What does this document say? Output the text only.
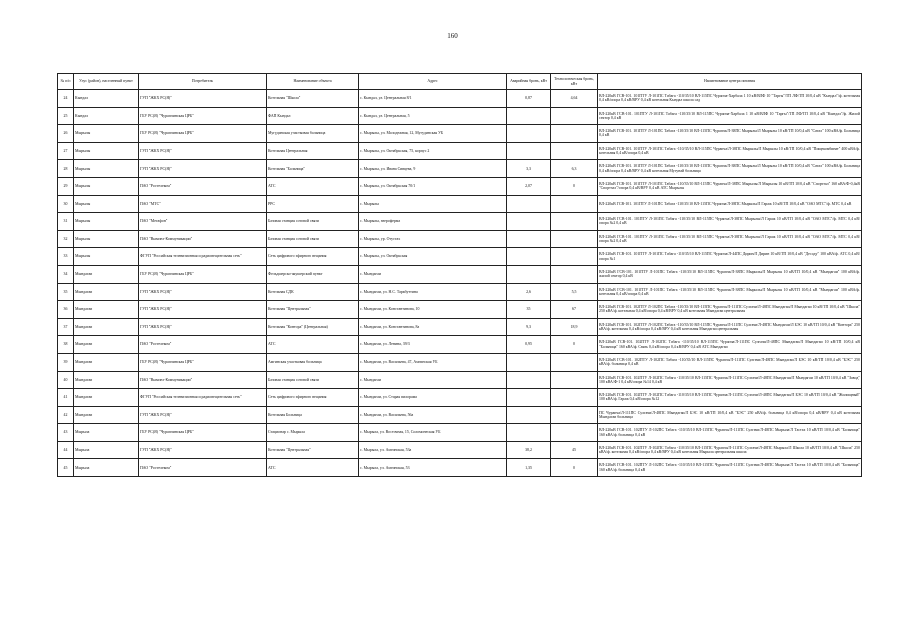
160
№ п/п	Улус (район), населенный пункт	Потребитель	Наименование объекта	Адрес	Аварийная бронь, кВт	Технологическая бронь, кВт	Наименование центра питания
24	Кындал	ГУП "ЖКХ РС(Я)"	Котельная "Школа"	с. Кындал, ул. Центральная 8/1	0,87	4,64	ВЛ-220кВ ГСВ-101. 101ПТУ Л-101ПС Табага -110/35/10 ВЛ-115ПС Чурапча-Харбала 1 10 кВ/ВЛФ 10 "Таргы"/ТП ЛФ/ТП 10/0,4 кВ "Кындал"/ф. котельная 0,4 кВ/опора 0,4 кВ/ВРУ 0,4 кВ котельная Кындал школа сад

25	Кындал	ГБУ РС(Я) "Чурапчинская ЦРБ"	ФАП Кындал	с. Кындал, ул. Центральная, 5			ВЛ-220кВ ГСВ-101. 101ПТУ Л-101ПС Табага -110/35/10 ВЛ-115ПС Чурапча-Харбала 1 10 кВ/ВЛФ 10 "Таргы"/ТП ЛФ/ТП 10/0,4 кВ "Кындал"/ф. Жилой сектор 0,4 кВ

26	Мырылы	ГБУ РС(Я) "Чурапчинская ЦРБ"	Мугудинская участковая больница	с. Мырылы, ул. Молодежная, 12, Мугудинская УБ			ВЛ-220кВ ГСВ-101. 101ПТУ Л-101ПС Табага -110/35/10 ВЛ-115ПС Чурапча/Л-38ПС Мырылы/Л Мырылы 10 кВ/ТП 10/0,4 кВ "Сатал" 100 кВА/ф. Больница 0,4 кВ

27	Мырылы	ГУП "ЖКХ РС(Я)"	Котельная Центральная	с. Мырылы, ул. Октябрьская, 75, корпус 2			ВЛ-220кВ ГСВ-101. 101ПТУ Л-101ПС Табага -110/35/10 ВЛ-115ПС Чурапча/Л-38ПС Мырылы/Л Мырылы 10 кВ/ТП 10/0,4 кВ "Пищекомбинат" 400 кВА/ф. котельная 0,4 кВ/опора 0,4 кВ

28	Мырылы	ГУП "ЖКХ РС(Я)"	Котельная "Больница"	с. Мырылы, ул. Ивана Сивцева, 9	3,3	6,3	ВЛ-220кВ ГСВ-101. 101ПТУ Л-101ПС Табага -110/35/10 ВЛ-115ПС Чурапча/Л-38ПС Мырылы/Л Мырылы 10 кВ/ТП 10/0,4 кВ "Сатал" 100 кВА/ф. Больница 0,4 кВ/опора 0,4 кВ/ВРУ 0,4 кВ котельная Мугунай больница

29	Мырылы	ПАО "Ростелеком"	АТС	с. Мырылы, ул. Октябрьская 70/1	2,07	0	ВЛ-220кВ ГСВ-101. 101ПТУ Л-101ПС Табага -110/35/10 ВЛ-115ПС Чурапча/Л-38ПС Мырылы/Л Мырылы 10 кВ/ТП 10/0,4 кВ "Спортзал" 160 кВА/Ф-0,4кВ "Спортзал"/опора 0,4 кВ/ВРУ 0,4 кВ АТС Мырылы

30	Мырылы	ПАО "МТС"	РРС	с. Мырылы			ВЛ-220кВ ГСВ-101. 101ПТУ Л-101ПС Табага -110/35/10 ВЛ-115ПС Чурапча/Л-38ПС Мырылы/Л Гараж 10 кВ/ТП 10/0,4 кВ "ОАО МТС"/ф. МТС 0,4 кВ

31	Мырылы	ПАО "Мегафон"	Базовая станция сотовой связи	с. Мырылы, звероферма			ВЛ-220кВ ГСВ-101. 101ПТУ Л-101ПС Табага -110/35/10 ВЛ-115ПС Чурапча/Л-38ПС Мырылы/Л Гараж 10 кВ/ТП 10/0,4 кВ "ОАО МТС"/ф. МТС 0,4 кВ/опора №2 0,4 кВ

32	Мырылы	ПАО "Вымпел-Коммуникации"	Базовая станция сотовой связи	с. Мырылы, ур. Отустах			ВЛ-220кВ ГСВ-101. 101ПТУ Л-101ПС Табага -110/35/10 ВЛ-115ПС Чурапча/Л-38ПС Мырылы/Л Гараж 10 кВ/ТП 10/0,4 кВ "ОАО МТС"/ф. МТС 0,4 кВ/опора №2 0,4 кВ

33	Мырылы	ФГУП "Российская телевизионная и радиовещательная сеть"	Сеть цифрового эфирного вещания	с. Мырылы, ул. Октябрьская			ВЛ-220кВ ГСВ-101. 101ПТУ Л-101ПС Табага -110/35/10 ВЛ-115ПС Чурапча/Л-44ПС Дирин/Л Дирин 10 кВ/ТП 10/0,4 кВ "Десоду" 100 кВА/ф. АТС 0,4 кВ/опора №1

34	Мындагаи	ГБУ РС(Я) "Чурапчинская ЦРБ"	Фельдшерско-акушерский пункт	с. Мындагаи			ВЛ-220кВ ГСВ-101. 101ПТУ Л-101ПС Табага -110/35/10 ВЛ-115ПС Чурапча/Л-38ПС Мырылы/Л Мырылы 10 кВ/ТП 10/0,4 кВ "Мындагаи" 100 кВА/ф. жилой сектор 0,4 кВ

35	Мындагаи	ГУП "ЖКХ РС(Я)"	Котельная СДК	с. Мындагаи, ул. Н.С. Таркбуттина	2,6	5,5	ВЛ-220кВ ГСВ-101. 101ПТУ Л-101ПС Табага -110/35/10 ВЛ-115ПС Чурапча/Л-38ПС Мырылы/Л Мырылы 10 кВ/ТП 10/0,4 кВ "Мындагаи" 100 кВА/ф. котельная 0,4 кВ/опора 0,4 кВ

36	Мындагаи	ГУП "ЖКХ РС(Я)"	Котельная "Центральная"	с. Мындагаи, ул. Константинова, 10	35	67	ВЛ-220кВ ГСВ-101. 102ПТУ Л-102ПС Табага -110/35/10 ВЛ-115ПС Чурапча/Л-111ПС Сулгачи/Л-48ПС Мындагаи/Л Мындагаи 10 кВ/ТП 10/0,4 кВ "Школа" 250 кВА/ф. котельная 0,4 кВ/опора 0,4 кВ/ВРУ 0,4 кВ котельная Мындагаи центральная

37	Мындагаи	ГУП "ЖКХ РС(Я)"	Котельная "Контора" (Центральная)	с. Мындагаи, ул. Константинова, 8а	9,3	18,9	ВЛ-220кВ ГСВ-101. 102ПТУ Л-102ПС Табага -110/35/10 ВЛ-115ПС Чурапча/Л-111ПС Сулгачи/Л-48ПС Мындагаи/Л БЭС 10 кВ/ТП 10/0,4 кВ "Контора" 250 кВА/ф. котельная 0,4 кВ/опора 0,4 кВ/ВРУ 0,4 кВ котельная Мындагаи центральная

38	Мындагаи	ПАО "Ростелеком"	АТС	с. Мындагаи, ул. Ленина, 39/3	0,95	0	ВЛ-220кВ ГСВ-101. 102ПТУ Л-102ПС Табага -110/35/10 ВЛ-115ПС Чурапча/Л-111ПС Сулгачи/Л-48ПС Мындагаи/Л Мындагаи 10 кВ/ТП 10/0,4 кВ "Больница" 160 кВА/ф. Связь 0,4 кВ/опора 0,4 кВ/ВРУ 0,4 кВ АТС Мындагаи

39	Мындагаи	ГБУ РС(Я) "Чурапчинская ЦРБ"	Амгинская участковая больница	с. Мындагаи, ул. Васильева, 47, Амгинская УБ			ВЛ-220кВ ГСВ-101. 102ПТУ Л-102ПС Табага -110/35/10 ВЛ-115ПС Чурапча/Л-111ПС Сулгачи/Л-48ПС Мындагаи/Л БЭС 10 кВ/ТП 10/0,4 кВ "БЭС" 250 кВА/ф. больница 0,4 кВ

40	Мындагаи	ПАО "Вымпел-Коммуникации"	Базовая станция сотовой связи	с. Мындагаи			ВЛ-220кВ ГСВ-101. 102ПТУ Л-102ПС Табага -110/35/10 ВЛ-115ПС Чурапча/Л-111ПС Сулгачи/Л-48ПС Мындагаи/Л Мындагаи 10 кВ/ТП 10/0,4 кВ "Завод" 100 кВА/Ф-1 0,4 кВ/опора №14 0,4 кВ

41	Мындагаи	ФГУП "Российская телевизионная и радиовещательная сеть"	Сеть цифрового эфирного вещания	с. Мындагаи, ул. Старая пилорама			ВЛ-220кВ ГСВ-101. 102ПТУ Л-102ПС Табага -110/35/10 ВЛ-115ПС Чурапча/Л-111ПС Сулгачи/Л-48ПС Мындагаи/Л БЭС 10 кВ/ТП 10/0,4 кВ "Жилищный" 100 кВА/ф. Гараж 0,4 кВ/опора №12

42	Мындагаи	ГУП "ЖКХ РС(Я)"	Котельная Больница	с. Мындагаи, ул. Васильева, 56а			ПС Чурапча/Л-111ПС Сулгачи/Л-48ПС Мындагаи/Л БЭС 10 кВ/ТП 10/0,4 кВ "БЭС" 250 кВА/ф. больница 0,4 кВ/опора 0,4 кВ/ВРУ 0,4 кВ котельная Мындагаи больница

43	Мырыла	ГБУ РС(Я) "Чурапчинская ЦРБ"	Стационар с. Мырыла	с. Мырыла, ул. Восточная, 15, Соломонеская УБ			ВЛ-220кВ ГСВ-101. 102ПТУ Л-102ПС Табага -110/35/10 ВЛ-115ПС Чурапча/Л-111ПС Сулгачи/Л-48ПС Мырыла/Л Тастах 10 кВ/ТП 10/0,4 кВ "Больница" 160 кВА/ф. больница 0,4 кВ

44	Мырыла	ГУП "ЖКХ РС(Я)"	Котельная "Центральная"	с. Мырыла, ул. Амгинская, 53а	38,2	45	ВЛ-220кВ ГСВ-101. 102ПТУ Л-102ПС Табага -110/35/10 ВЛ-115ПС Чурапча/Л-111ПС Сулгачи/Л-48ПС Мырыла/Л Школа 10 кВ/ТП 10/0,4 кВ "Школа" 250 кВА/ф. котельная 0,4 кВ/опора 0,4 кВ/ВРУ 0,4 кВ котельная Мырыла центральная школа

45	Мырыла	ПАО "Ростелеком"	АТС	с. Мырыла, ул. Амгинская, 53	1,35	0	ВЛ-220кВ ГСВ-101. 102ПТУ Л-102ПС Табага -110/35/10 ВЛ-115ПС Чурапча/Л-111ПС Сулгачи/Л-48ПС Мырыла/Л Тастах 10 кВ/ТП 10/0,4 кВ "Больница" 160 кВА/ф. больница 0,4 кВ
